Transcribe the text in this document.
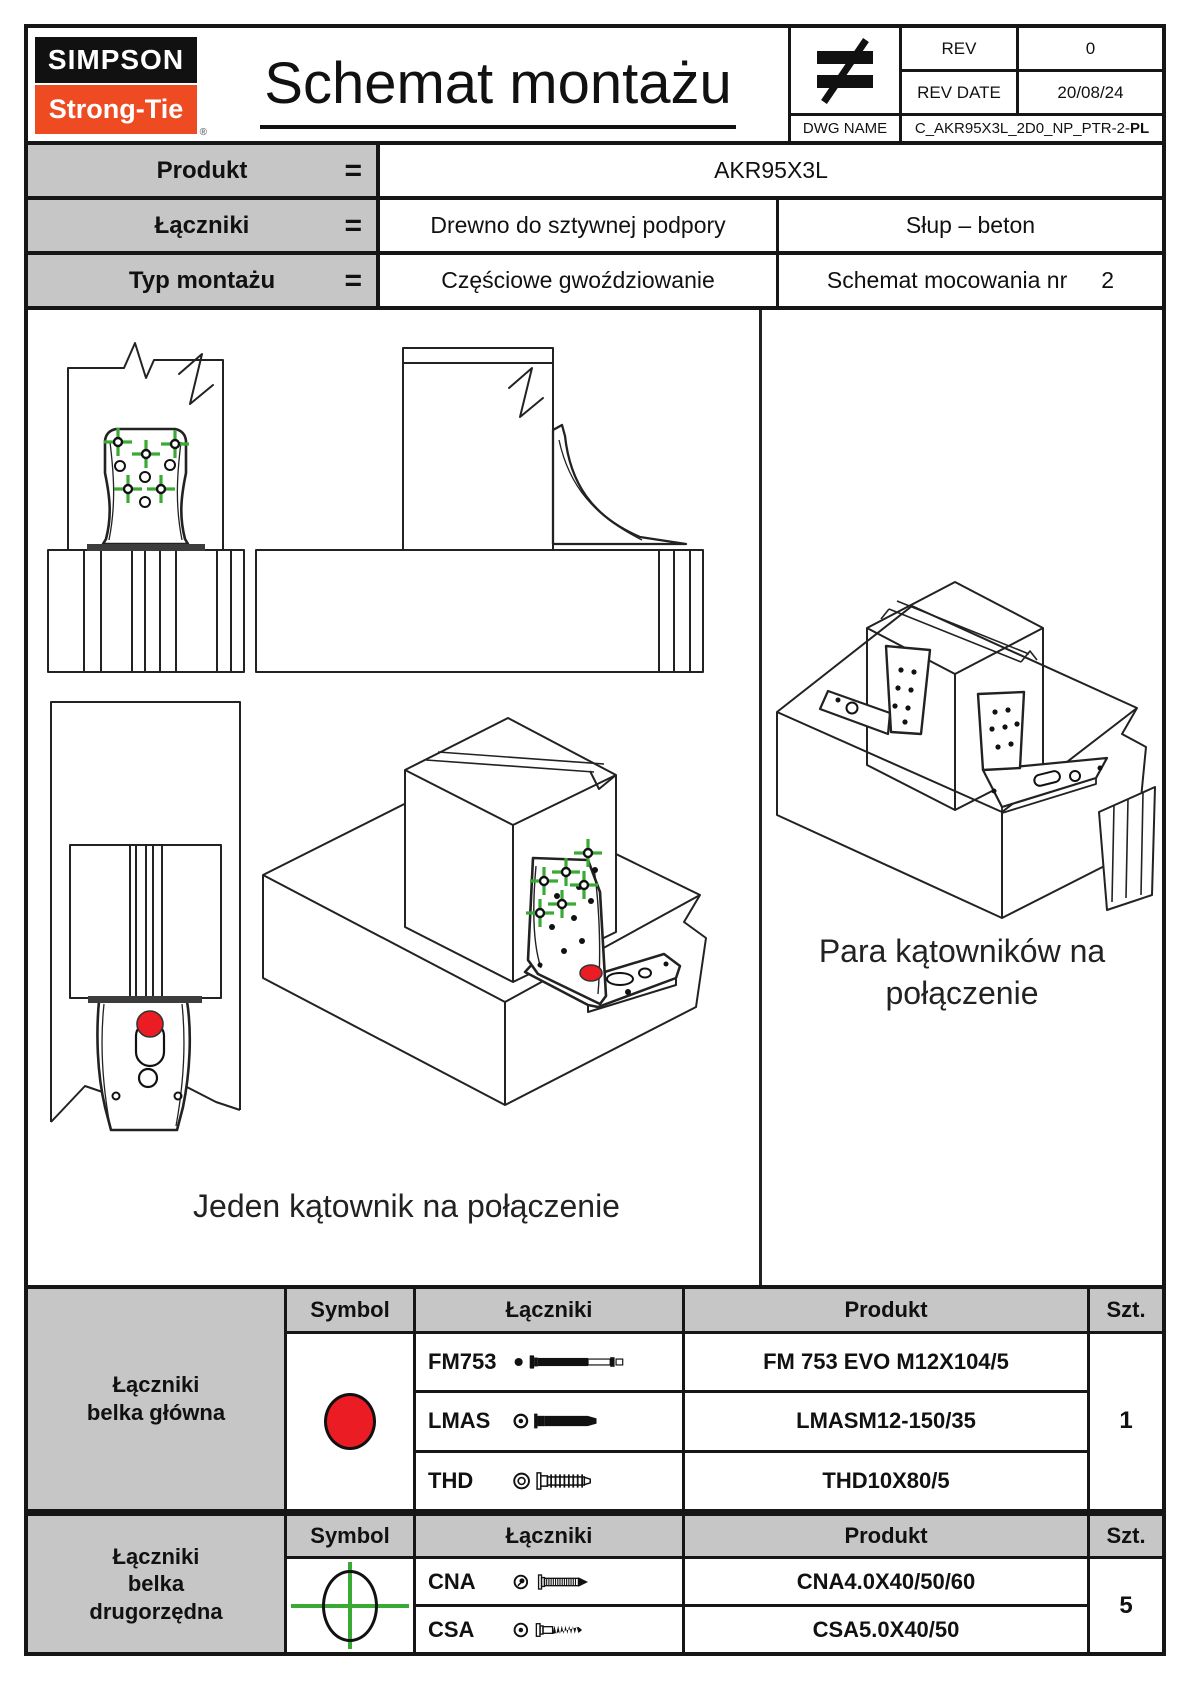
SIMPSON
Strong-Tie
®
Schemat montażu
REV	0
REV DATE	20/08/24
DWG NAME	C_AKR95X3L_2D0_NP_PTR-2- PL
Produkt	=	AKR95X3L
Łączniki	=	Drewno do sztywnej podpory	Słup – beton
Typ montażu =	Częściowe gwoździowanie	Schemat mocowania nr 2
Jeden kątownik na połączenie
Para kątowników na
połączenie
Łączniki
belka główna
Symbol	Łączniki	Produkt	Szt.
FM753	FM 753 EVO M12X104/5
LMAS	LMASM12-150/35
THD	THD10X80/5
1
Łączniki
belka
drugorzędna
Symbol	Łączniki	Produkt	Szt.
CNA	CNA4.0X40/50/60
CSA	CSA5.0X40/50
5
